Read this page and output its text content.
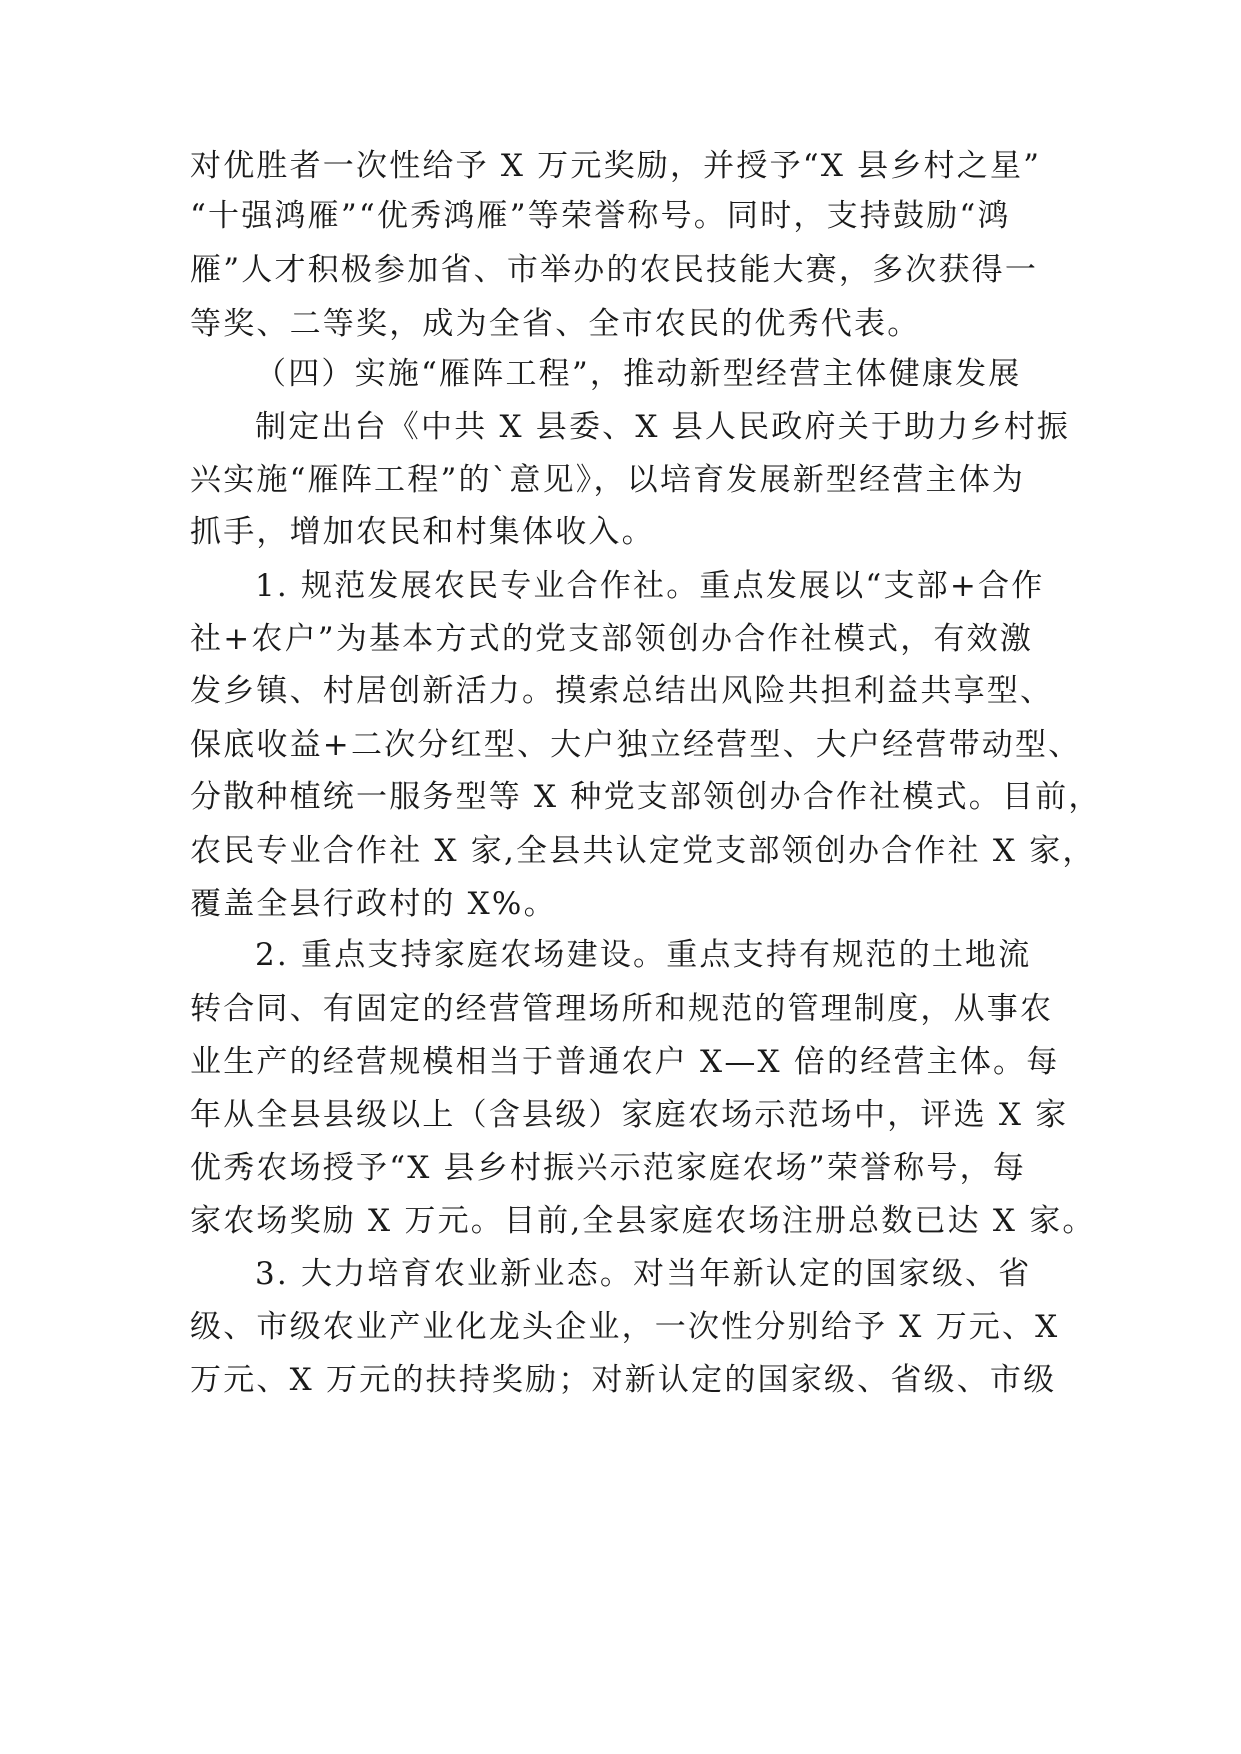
对优胜者一次性给予 X 万元奖励，并授予“X 县乡村之星”
“十强鸿雁”“优秀鸿雁”等荣誉称号。同时，支持鼓励“鸿
雁”人才积极参加省、市举办的农民技能大赛，多次获得一
等奖、二等奖，成为全省、全市农民的优秀代表。
（四）实施“雁阵工程”，推动新型经营主体健康发展
制定出台《中共 X 县委、X 县人民政府关于助力乡村振
兴实施“雁阵工程”的`意见》，以培育发展新型经营主体为
抓手，增加农民和村集体收入。
1. 规范发展农民专业合作社。重点发展以“支部+合作
社+农户”为基本方式的党支部领创办合作社模式，有效激
发乡镇、村居创新活力。摸索总结出风险共担利益共享型、
保底收益+二次分红型、大户独立经营型、大户经营带动型、
分散种植统一服务型等 X 种党支部领创办合作社模式。目前，
农民专业合作社 X 家,全县共认定党支部领创办合作社 X 家，
覆盖全县行政村的 X%。
2. 重点支持家庭农场建设。重点支持有规范的土地流
转合同、有固定的经营管理场所和规范的管理制度，从事农
业生产的经营规模相当于普通农户 X—X 倍的经营主体。每
年从全县县级以上（含县级）家庭农场示范场中，评选 X 家
优秀农场授予“X 县乡村振兴示范家庭农场”荣誉称号，每
家农场奖励 X 万元。目前,全县家庭农场注册总数已达 X 家。
3. 大力培育农业新业态。对当年新认定的国家级、省
级、市级农业产业化龙头企业，一次性分别给予 X 万元、X
万元、X 万元的扶持奖励；对新认定的国家级、省级、市级
